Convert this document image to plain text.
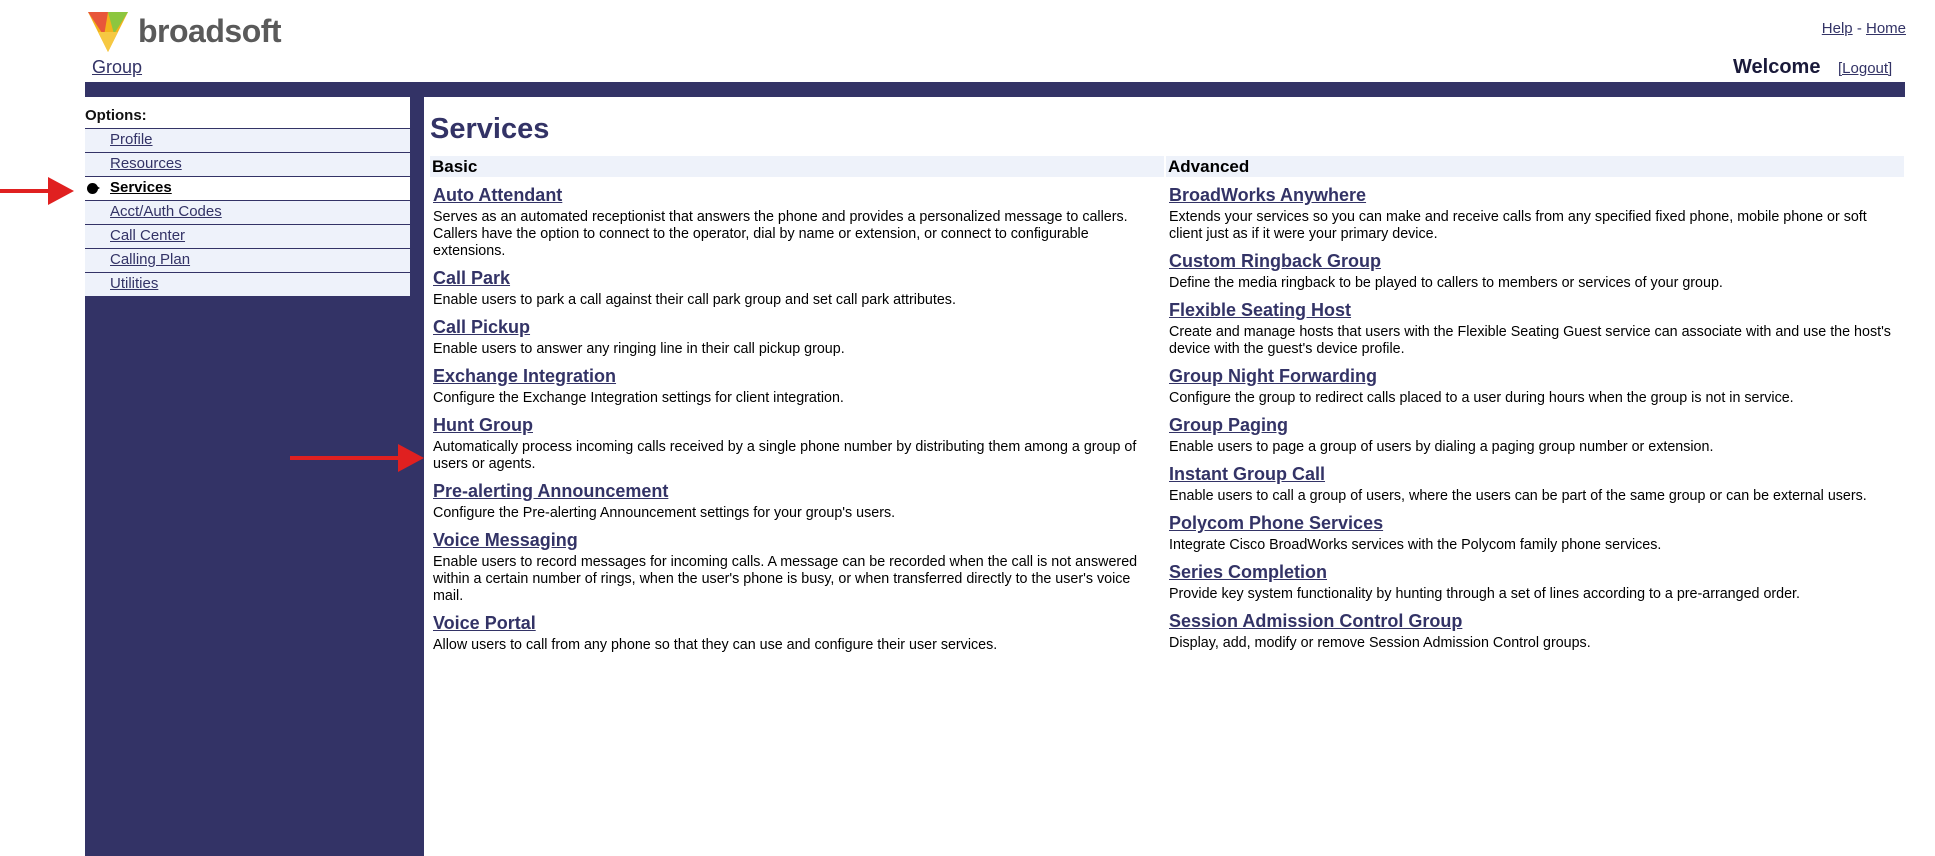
broadsoft
Group
Help - Home
Welcome [Logout]
Options:
Profile
Resources
Services
Acct/Auth Codes
Call Center
Calling Plan
Utilities
Services
Basic
Auto Attendant
Serves as an automated receptionist that answers the phone and provides a personalized message to callers. Callers have the option to connect to the operator, dial by name or extension, or connect to configurable extensions.
Call Park
Enable users to park a call against their call park group and set call park attributes.
Call Pickup
Enable users to answer any ringing line in their call pickup group.
Exchange Integration
Configure the Exchange Integration settings for client integration.
Hunt Group
Automatically process incoming calls received by a single phone number by distributing them among a group of users or agents.
Pre-alerting Announcement
Configure the Pre-alerting Announcement settings for your group's users.
Voice Messaging
Enable users to record messages for incoming calls. A message can be recorded when the call is not answered within a certain number of rings, when the user's phone is busy, or when transferred directly to the user's voice mail.
Voice Portal
Allow users to call from any phone so that they can use and configure their user services.
Advanced
BroadWorks Anywhere
Extends your services so you can make and receive calls from any specified fixed phone, mobile phone or soft client just as if it were your primary device.
Custom Ringback Group
Define the media ringback to be played to callers to members or services of your group.
Flexible Seating Host
Create and manage hosts that users with the Flexible Seating Guest service can associate with and use the host's device with the guest's device profile.
Group Night Forwarding
Configure the group to redirect calls placed to a user during hours when the group is not in service.
Group Paging
Enable users to page a group of users by dialing a paging group number or extension.
Instant Group Call
Enable users to call a group of users, where the users can be part of the same group or can be external users.
Polycom Phone Services
Integrate Cisco BroadWorks services with the Polycom family phone services.
Series Completion
Provide key system functionality by hunting through a set of lines according to a pre-arranged order.
Session Admission Control Group
Display, add, modify or remove Session Admission Control groups.
